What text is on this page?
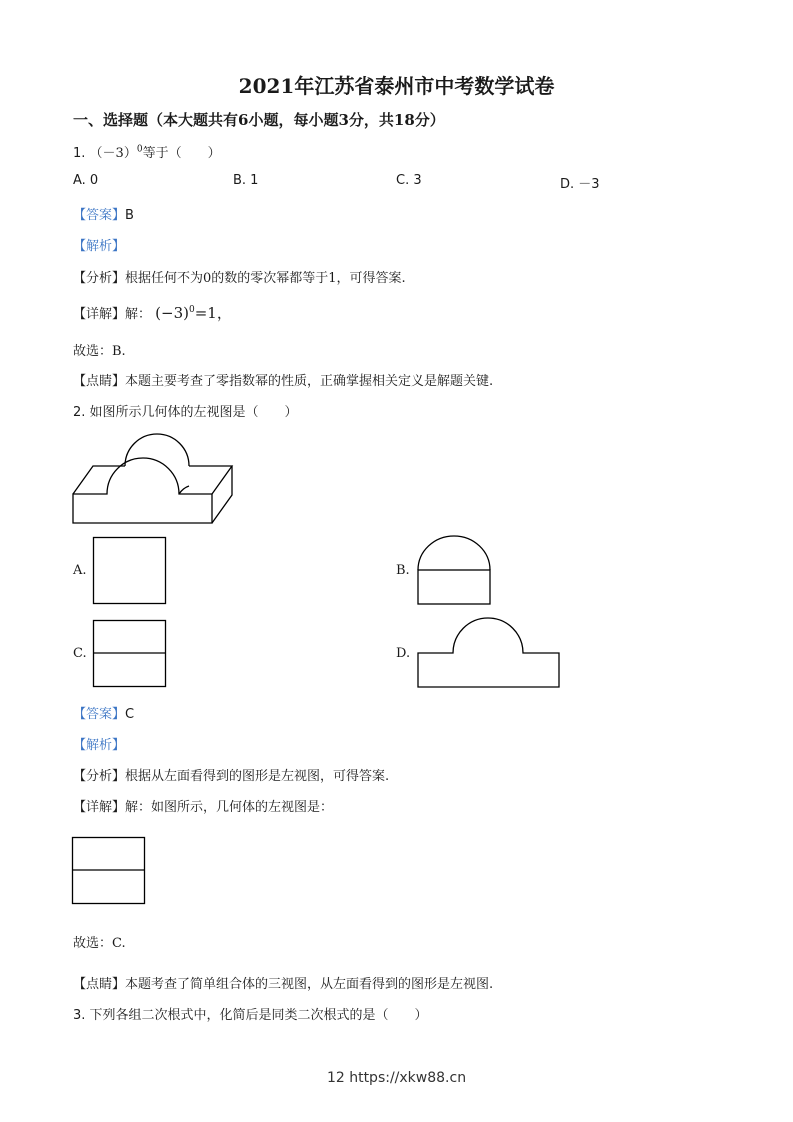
2021年江苏省泰州市中考数学试卷
一、选择题（本大题共有6小题，每小题3分，共18分）
1. $(-3)^0$等于（　　）
A. 0	B. 1	C. 3	D. －3
【答案】B
【解析】
【分析】根据任何不为0的数的零次幂都等于1，可得答案.
【详解】解： $(-3)^0=1$，
故选：B.
【点睛】本题主要考查了零指数幂的性质，正确掌握相关定义是解题关键.
2. 如图所示几何体的左视图是（　　）
A.	B.
C.	D.
【答案】C
【解析】
【分析】根据从左面看得到的图形是左视图，可得答案.
【详解】解：如图所示，几何体的左视图是：
故选：C.
【点睛】本题考查了简单组合体的三视图，从左面看得到的图形是左视图.
3. 下列各组二次根式中，化简后是同类二次根式的是（　　）
12 https://xkw88.cn
